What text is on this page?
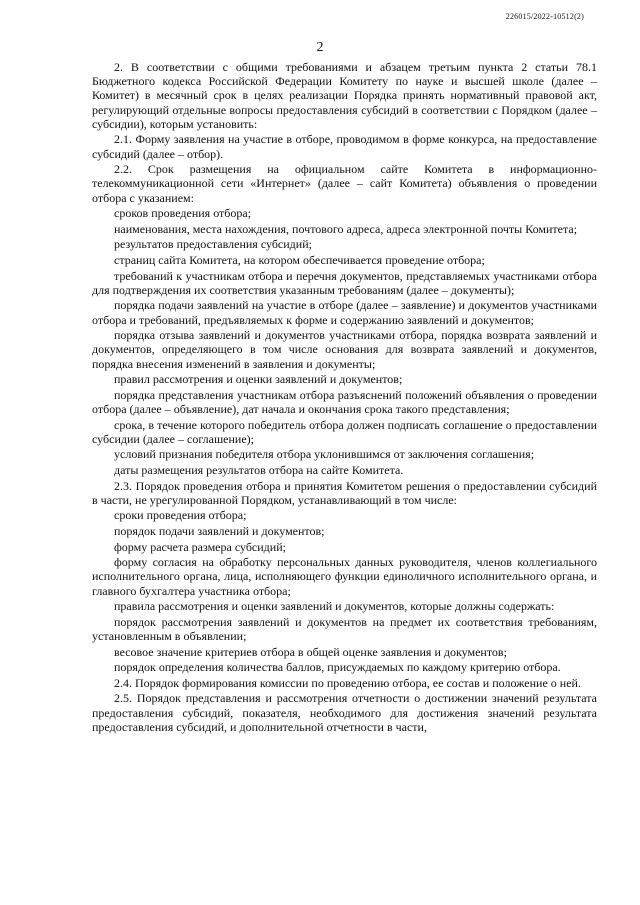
226015/2022-10512(2)
2

2. В соответствии с общими требованиями и абзацем третьим пункта 2 статьи 78.1 Бюджетного кодекса Российской Федерации Комитету по науке и высшей школе (далее – Комитет) в месячный срок в целях реализации Порядка принять нормативный правовой акт, регулирующий отдельные вопросы предоставления субсидий в соответствии с Порядком (далее – субсидии), которым установить:

2.1. Форму заявления на участие в отборе, проводимом в форме конкурса, на предоставление субсидий (далее – отбор).

2.2. Срок размещения на официальном сайте Комитета в информационно-телекоммуникационной сети «Интернет» (далее – сайт Комитета) объявления о проведении отбора с указанием:

сроков проведения отбора;

наименования, места нахождения, почтового адреса, адреса электронной почты Комитета;

результатов предоставления субсидий;

страниц сайта Комитета, на котором обеспечивается проведение отбора;

требований к участникам отбора и перечня документов, представляемых участниками отбора для подтверждения их соответствия указанным требованиям (далее – документы);

порядка подачи заявлений на участие в отборе (далее – заявление) и документов участниками отбора и требований, предъявляемых к форме и содержанию заявлений и документов;

порядка отзыва заявлений и документов участниками отбора, порядка возврата заявлений и документов, определяющего в том числе основания для возврата заявлений и документов, порядка внесения изменений в заявления и документы;

правил рассмотрения и оценки заявлений и документов;

порядка представления участникам отбора разъяснений положений объявления о проведении отбора (далее – объявление), дат начала и окончания срока такого представления;

срока, в течение которого победитель отбора должен подписать соглашение о предоставлении субсидии (далее – соглашение);

условий признания победителя отбора уклонившимся от заключения соглашения;

даты размещения результатов отбора на сайте Комитета.

2.3. Порядок проведения отбора и принятия Комитетом решения о предоставлении субсидий в части, не урегулированной Порядком, устанавливающий в том числе:

сроки проведения отбора;

порядок подачи заявлений и документов;

форму расчета размера субсидий;

форму согласия на обработку персональных данных руководителя, членов коллегиального исполнительного органа, лица, исполняющего функции единоличного исполнительного органа, и главного бухгалтера участника отбора;

правила рассмотрения и оценки заявлений и документов, которые должны содержать:

порядок рассмотрения заявлений и документов на предмет их соответствия требованиям, установленным в объявлении;

весовое значение критериев отбора в общей оценке заявления и документов;

порядок определения количества баллов, присуждаемых по каждому критерию отбора.

2.4. Порядок формирования комиссии по проведению отбора, ее состав и положение о ней.

2.5. Порядок представления и рассмотрения отчетности о достижении значений результата предоставления субсидий, показателя, необходимого для достижения значений результата предоставления субсидий, и дополнительной отчетности в части,
